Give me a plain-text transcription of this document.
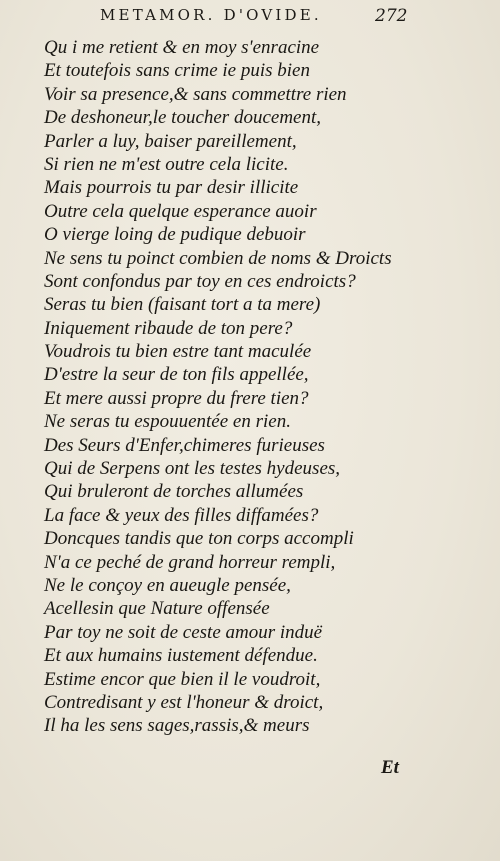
METAMOR. D'OVIDE.	272
Qu i me retient & en moy s'enracine
Et toutefois sans crime ie puis bien
Voir sa presence,& sans commettre rien
De deshoneur,le toucher doucement,
Parler a luy, baiser pareillement,
Si rien ne m'est outre cela licite.
Mais pourrois tu par desir illicite
Outre cela quelque esperance auoir
O vierge loing de pudique debuoir
Ne sens tu poinct combien de noms & Droicts
Sont confondus par toy en ces endroicts?
Seras tu bien (faisant tort a ta mere)
Iniquement ribaude de ton pere?
Voudrois tu bien estre tant maculée
D'estre la seur de ton fils appellée,
Et mere aussi propre du frere tien?
Ne seras tu espouuentée en rien.
Des Seurs d'Enfer,chimeres furieuses
Qui de Serpens ont les testes hydeuses,
Qui bruleront de torches allumées
La face & yeux des filles diffamées?
Doncques tandis que ton corps accompli
N'a ce peché de grand horreur rempli,
Ne le conçoy en aueugle pensée,
Acellesin que Nature offensée
Par toy ne soit de ceste amour induë
Et aux humains iustement défendue.
Estime encor que bien il le voudroit,
Contredisant y est l'honeur & droict,
Il ha les sens sages,rassis,& meurs
Et
